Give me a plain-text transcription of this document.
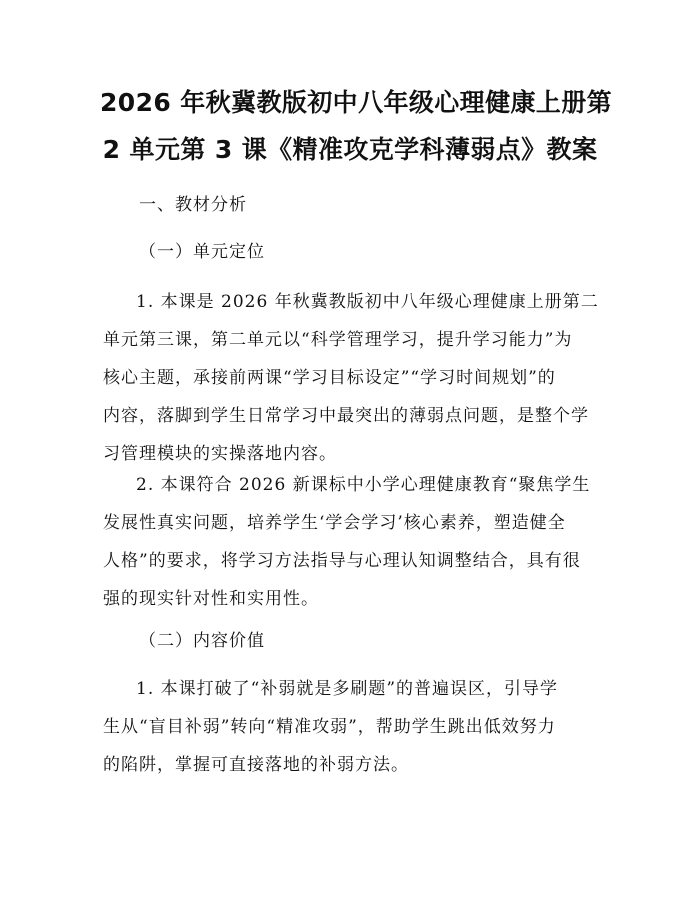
2026 年秋冀教版初中八年级心理健康上册第
2 单元第 3 课《精准攻克学科薄弱点》教案
一、教材分析
（一）单元定位
1. 本课是 2026 年秋冀教版初中八年级心理健康上册第二
单元第三课，第二单元以“科学管理学习，提升学习能力”为
核心主题，承接前两课“学习目标设定”“学习时间规划”的
内容，落脚到学生日常学习中最突出的薄弱点问题，是整个学
习管理模块的实操落地内容。
2. 本课符合 2026 新课标中小学心理健康教育“聚焦学生
发展性真实问题，培养学生‘学会学习’核心素养，塑造健全
人格”的要求，将学习方法指导与心理认知调整结合，具有很
强的现实针对性和实用性。
（二）内容价值
1. 本课打破了“补弱就是多刷题”的普遍误区，引导学
生从“盲目补弱”转向“精准攻弱”，帮助学生跳出低效努力
的陷阱，掌握可直接落地的补弱方法。
